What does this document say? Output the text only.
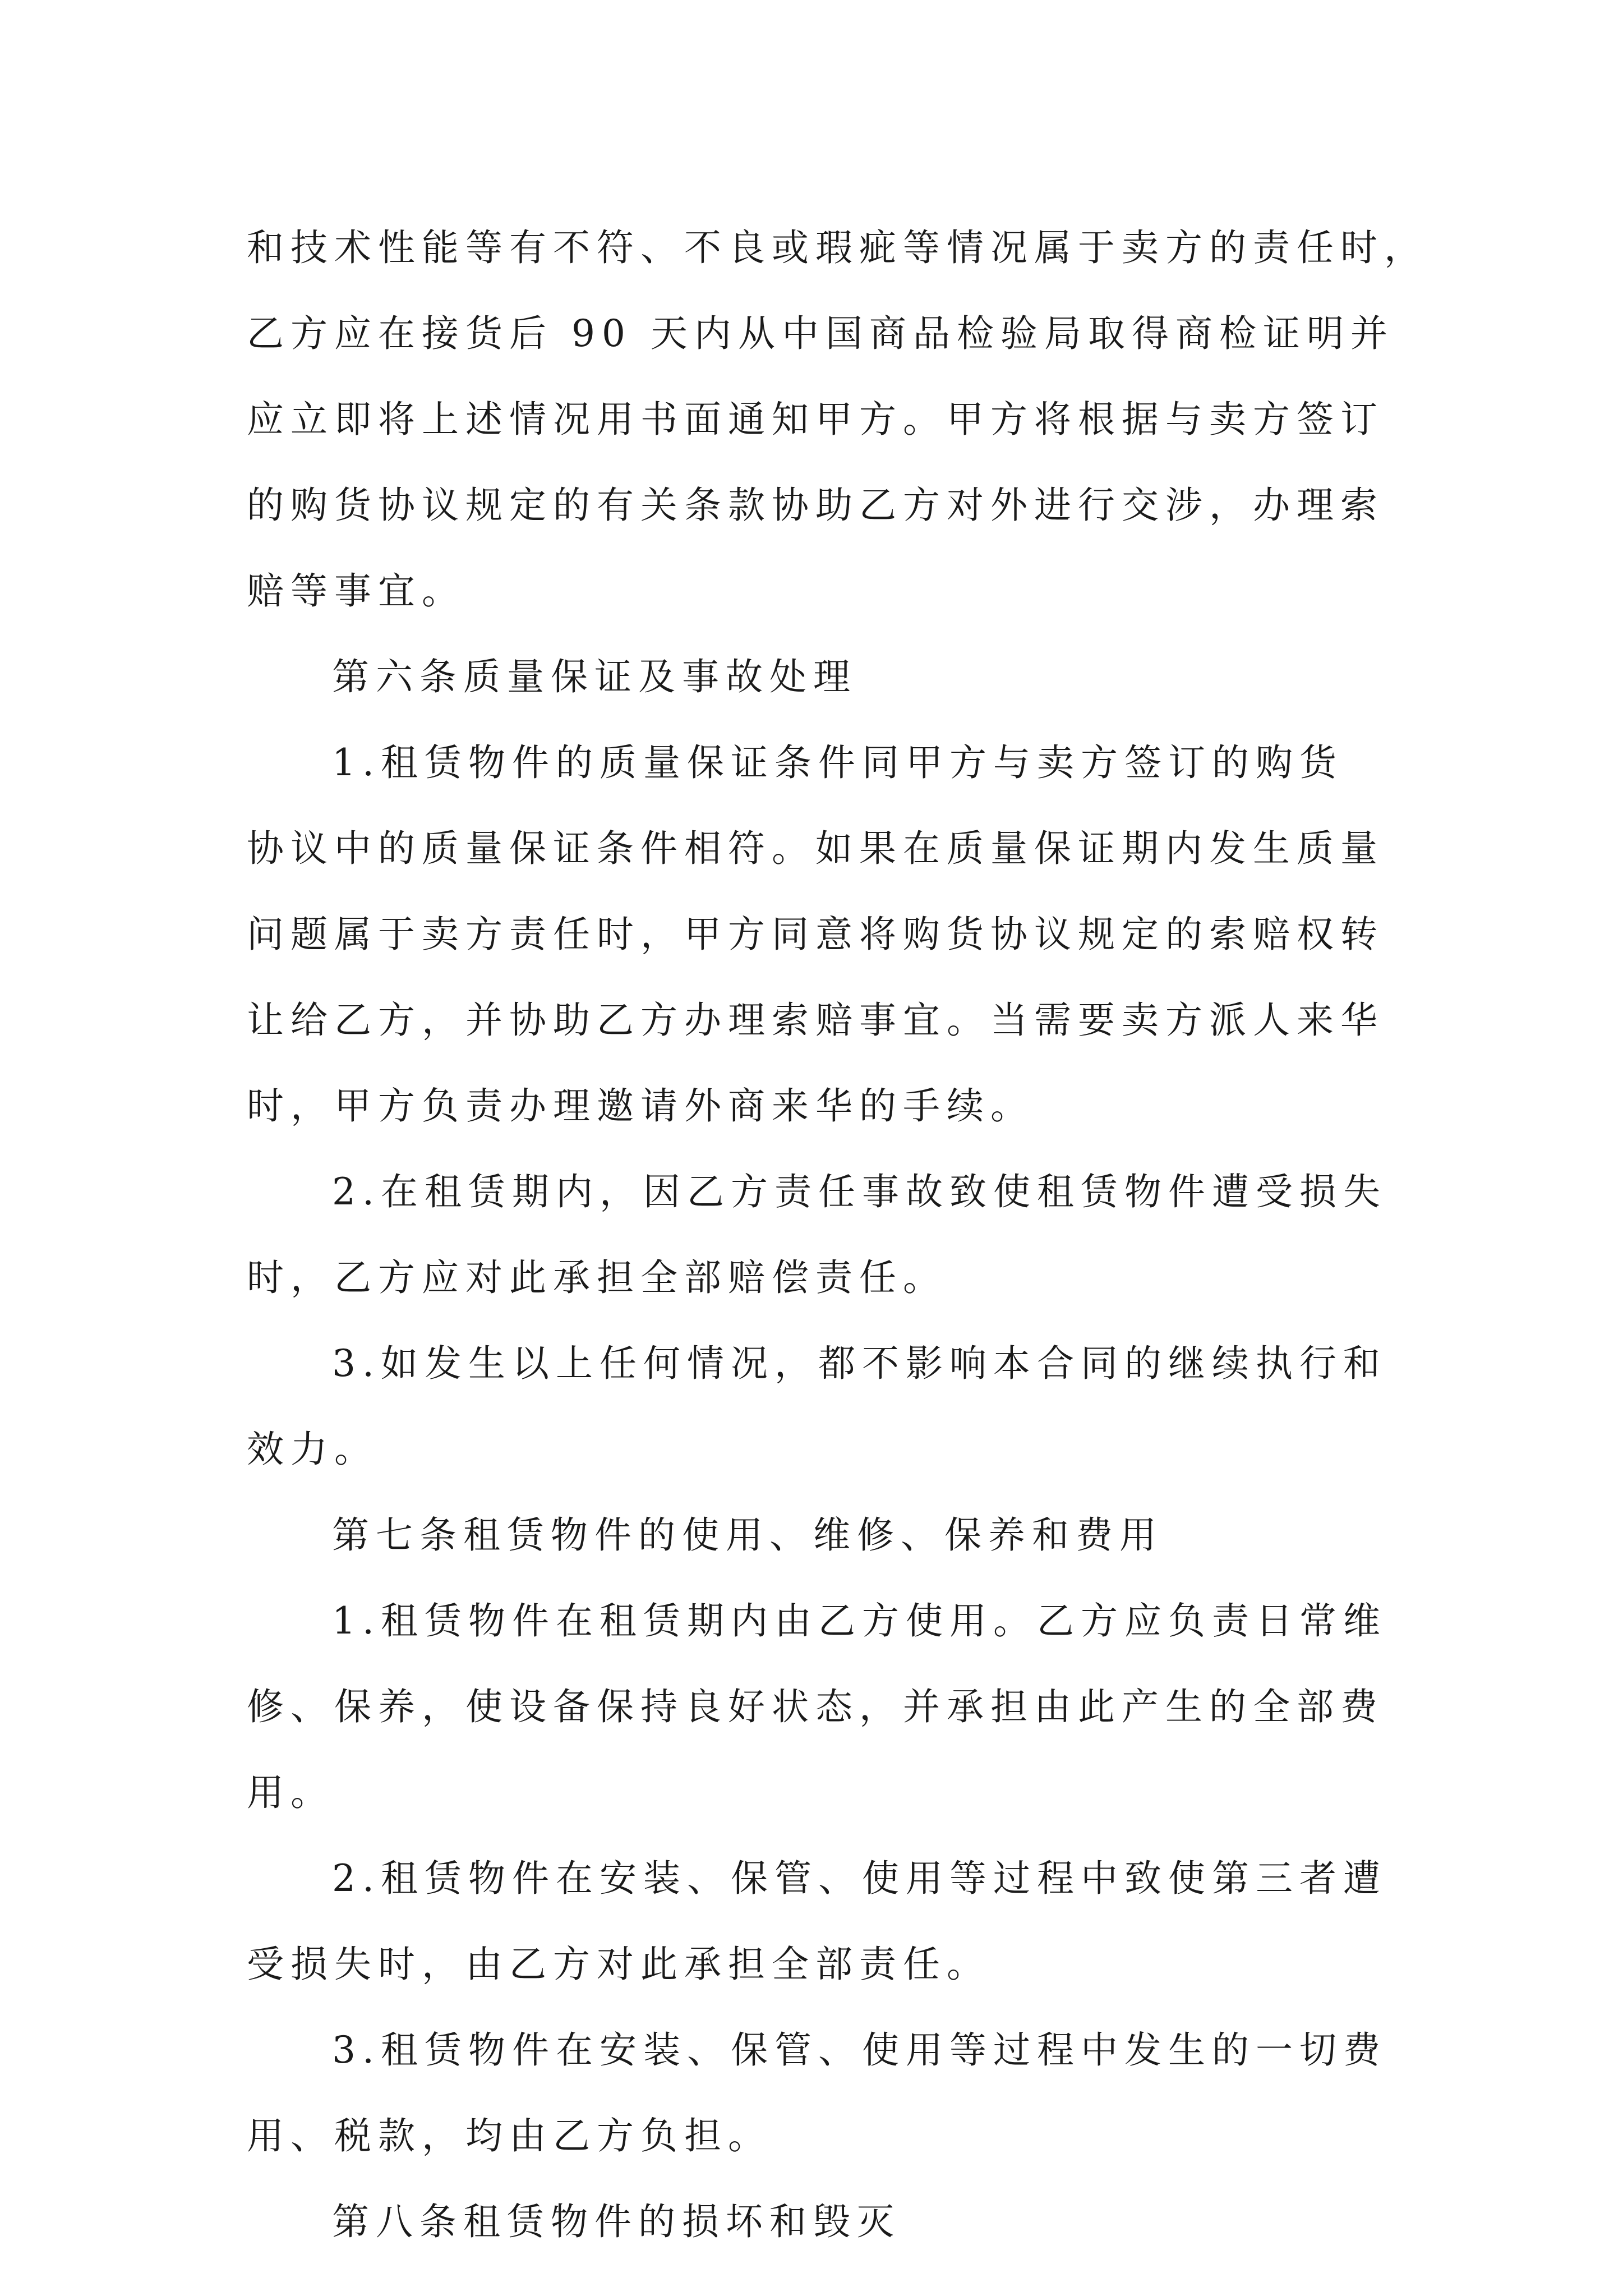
和技术性能等有不符、不良或瑕疵等情况属于卖方的责任时，
乙方应在接货后 90 天内从中国商品检验局取得商检证明并
应立即将上述情况用书面通知甲方。甲方将根据与卖方签订
的购货协议规定的有关条款协助乙方对外进行交涉，办理索
赔等事宜。
第六条质量保证及事故处理
1.租赁物件的质量保证条件同甲方与卖方签订的购货
协议中的质量保证条件相符。如果在质量保证期内发生质量
问题属于卖方责任时，甲方同意将购货协议规定的索赔权转
让给乙方，并协助乙方办理索赔事宜。当需要卖方派人来华
时，甲方负责办理邀请外商来华的手续。
2.在租赁期内，因乙方责任事故致使租赁物件遭受损失
时，乙方应对此承担全部赔偿责任。
3.如发生以上任何情况，都不影响本合同的继续执行和
效力。
第七条租赁物件的使用、维修、保养和费用
1.租赁物件在租赁期内由乙方使用。乙方应负责日常维
修、保养，使设备保持良好状态，并承担由此产生的全部费
用。
2.租赁物件在安装、保管、使用等过程中致使第三者遭
受损失时，由乙方对此承担全部责任。
3.租赁物件在安装、保管、使用等过程中发生的一切费
用、税款，均由乙方负担。
第八条租赁物件的损坏和毁灭
